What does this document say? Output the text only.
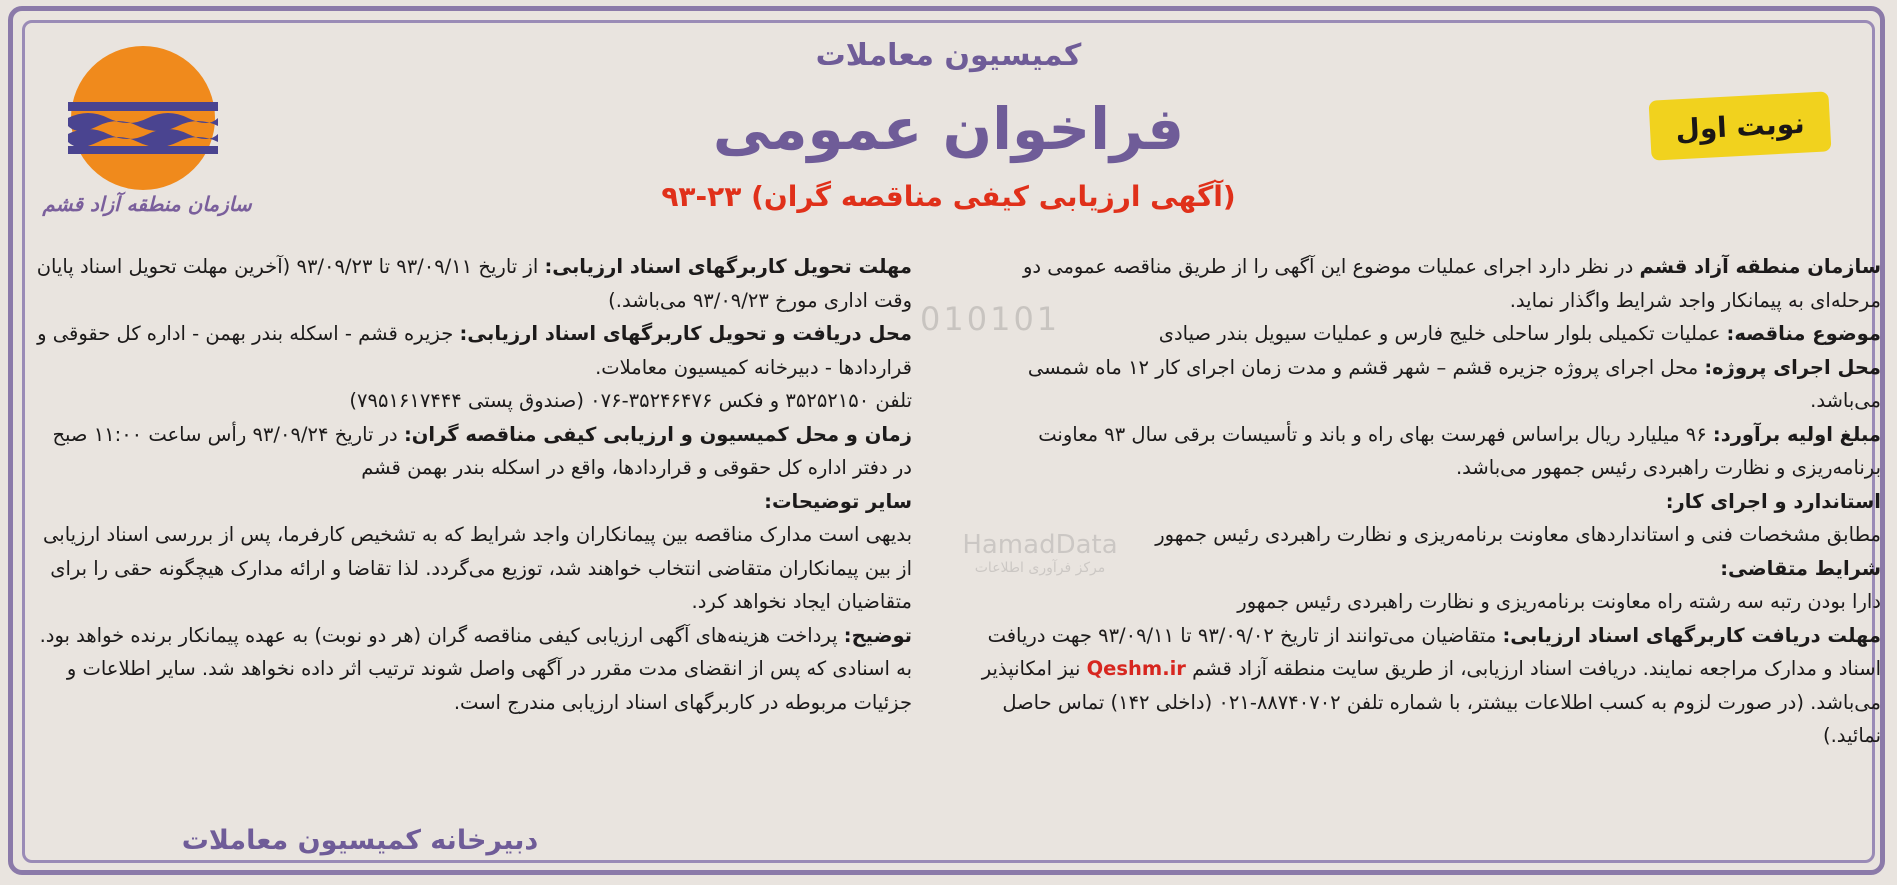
سازمان منطقه آزاد قشم
نوبت اول
کمیسیون معاملات
فراخوان عمومی
(آگهی ارزیابی کیفی مناقصه گران) ۲۳-۹۳
010101

سازمان منطقه آزاد قشم در نظر دارد اجرای عملیات موضوع این آگهی را از طریق مناقصه عمومی دو مرحله‌ای به پیمانکار واجد شرایط واگذار نماید.

موضوع مناقصه: عملیات تکمیلی بلوار ساحلی خلیج فارس و عملیات سیویل بندر صیادی

محل اجرای پروژه: محل اجرای پروژه جزیره قشم – شهر قشم و مدت زمان اجرای کار ۱۲ ماه شمسی می‌باشد.

مبلغ اولیه برآورد: ۹۶ میلیارد ریال براساس فهرست بهای راه و باند و تأسیسات برقی سال ۹۳ معاونت برنامه‌ریزی و نظارت راهبردی رئیس جمهور می‌باشد.

استاندارد و اجرای کار:

مطابق مشخصات فنی و استانداردهای معاونت برنامه‌ریزی و نظارت راهبردی رئیس جمهور

شرایط متقاضی:

دارا بودن رتبه سه رشته راه معاونت برنامه‌ریزی و نظارت راهبردی رئیس جمهور

مهلت دریافت کاربرگهای اسناد ارزیابی: متقاضیان می‌توانند از تاریخ ۹۳/۰۹/۰۲ تا ۹۳/۰۹/۱۱ جهت دریافت اسناد و مدارک مراجعه نمایند. دریافت اسناد ارزیابی، از طریق سایت منطقه آزاد قشم Qeshm.ir نیز امکانپذیر می‌باشد. (در صورت لزوم به کسب اطلاعات بیشتر، با شماره تلفن ۸۸۷۴۰۷۰۲-۰۲۱ (داخلی ۱۴۲) تماس حاصل نمائید.)

مهلت تحویل کاربرگهای اسناد ارزیابی: از تاریخ ۹۳/۰۹/۱۱ تا ۹۳/۰۹/۲۳ (آخرین مهلت تحویل اسناد پایان وقت اداری مورخ ۹۳/۰۹/۲۳ می‌باشد.)

محل دریافت و تحویل کاربرگهای اسناد ارزیابی: جزیره قشم - اسکله بندر بهمن - اداره کل حقوقی و قراردادها - دبیرخانه کمیسیون معاملات.

تلفن ۳۵۲۵۲۱۵۰ و فکس ۳۵۲۴۶۴۷۶-۰۷۶ (صندوق پستی ۷۹۵۱۶۱۷۴۴۴)

زمان و محل کمیسیون و ارزیابی کیفی مناقصه گران: در تاریخ ۹۳/۰۹/۲۴ رأس ساعت ۱۱:۰۰ صبح در دفتر اداره کل حقوقی و قراردادها، واقع در اسکله بندر بهمن قشم

سایر توضیحات:

بدیهی است مدارک مناقصه بین پیمانکاران واجد شرایط که به تشخیص کارفرما، پس از بررسی اسناد ارزیابی از بین پیمانکاران متقاضی انتخاب خواهند شد، توزیع می‌گردد. لذا تقاضا و ارائه مدارک هیچگونه حقی را برای متقاضیان ایجاد نخواهد کرد.

توضیح: پرداخت هزینه‌های آگهی ارزیابی کیفی مناقصه گران (هر دو نوبت) به عهده پیمانکار برنده خواهد بود. به اسنادی که پس از انقضای مدت مقرر در آگهی واصل شوند ترتیب اثر داده نخواهد شد. سایر اطلاعات و جزئیات مربوطه در کاربرگهای اسناد ارزیابی مندرج است.

HamadData
مرکز فرآوری اطلاعات
دبیرخانه کمیسیون معاملات
